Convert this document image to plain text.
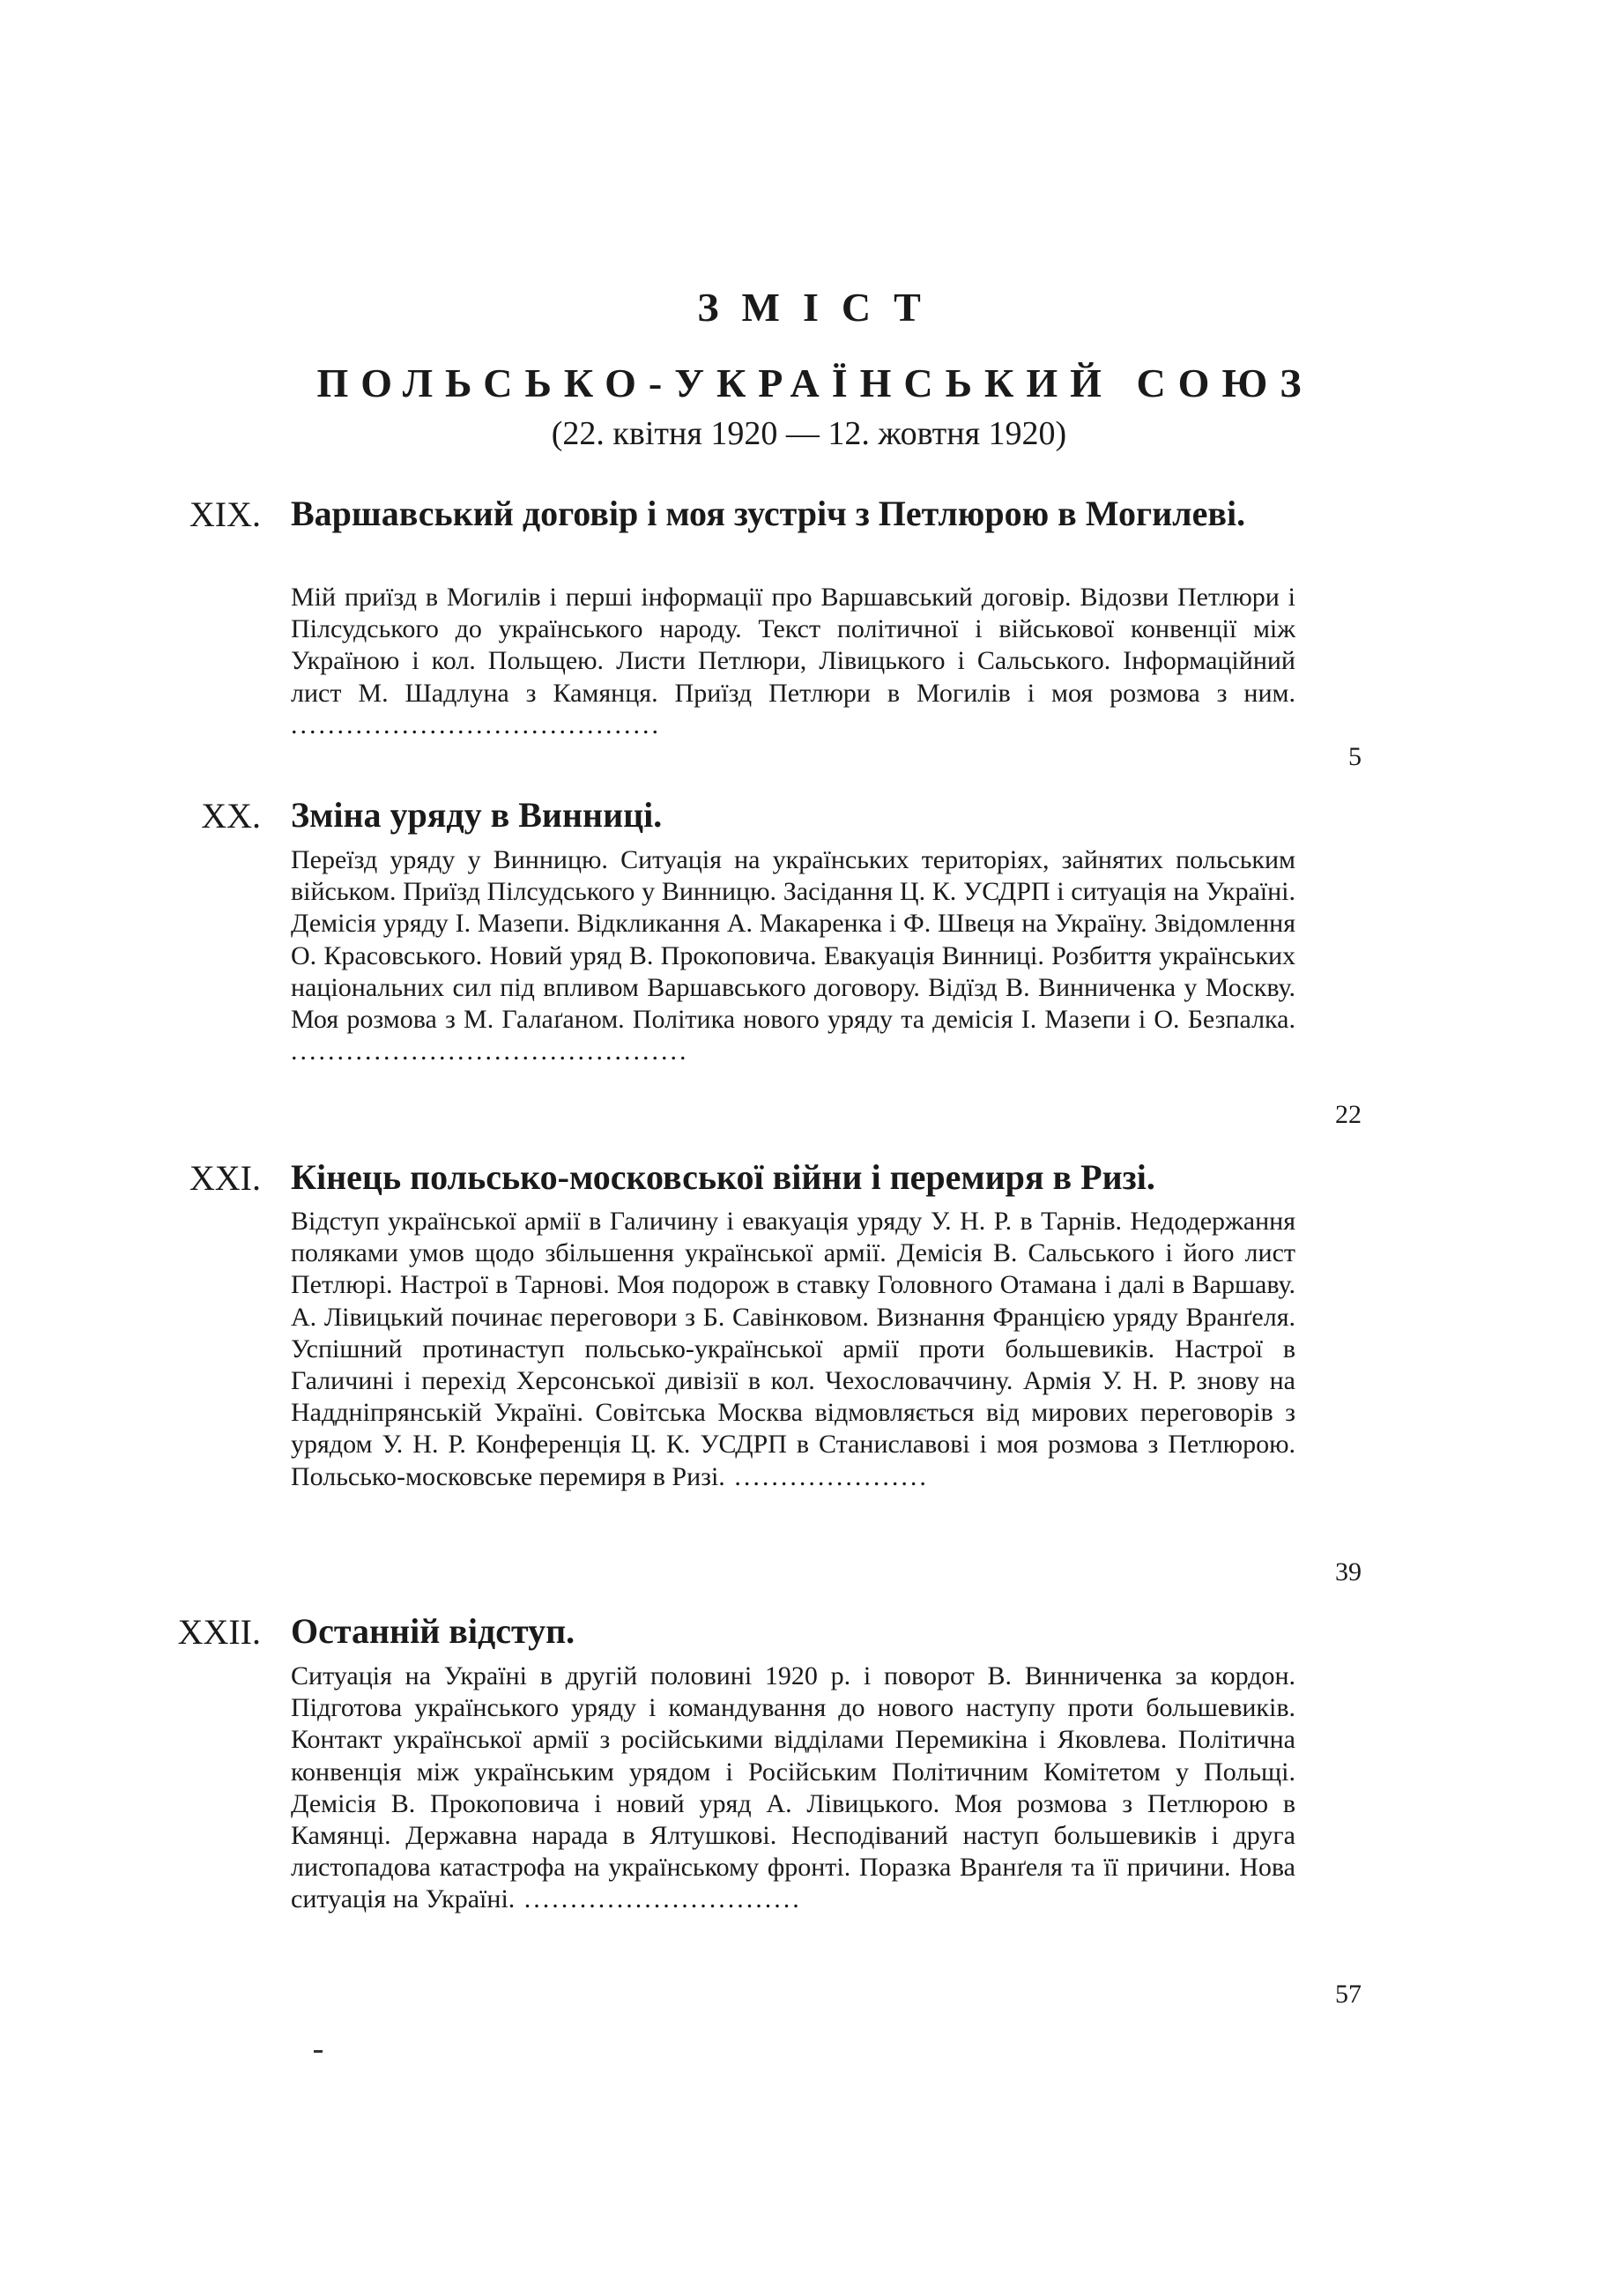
ЗМІСТ
ПОЛЬСЬКО-УКРАЇНСЬКИЙ СОЮЗ
(22. квітня 1920 — 12. жовтня 1920)
XIX. Варшавський договір і моя зустріч з Петлюрою в Могилеві.
Мій приїзд в Могилів і перші інформації про Варшавський договір. Відозви Петлюри і Пілсудського до українського народу. Текст політичної і військової конвенції між Україною і кол. Польщею. Листи Петлюри, Лівицького і Сальського. Інформаційний лист М. Шадлуна з Камянця. Приїзд Петлюри в Могилів і моя розмова з ним. ........................................
5
XX. Зміна уряду в Винниці.
Переїзд уряду у Винницю. Ситуація на українських територіях, зайнятих польським військом. Приїзд Пілсудського у Винницю. Засідання Ц. К. УСДРП і ситуація на Україні. Демісія уряду І. Мазепи. Відкликання А. Макаренка і Ф. Швеця на Україну. Звідомлення О. Красовського. Новий уряд В. Прокоповича. Евакуація Винниці. Розбиття українських національних сил під впливом Варшавського договору. Відїзд В. Винниченка у Москву. Моя розмова з М. Галаґаном. Політика нового уряду та демісія І. Мазепи і О. Безпалка. ...........................................
22
XXI. Кінець польсько-московської війни і перемиря в Ризі.
Відступ української армії в Галичину і евакуація уряду У. Н. Р. в Тарнів. Недодержання поляками умов щодо збільшення української армії. Демісія В. Сальського і його лист Петлюрі. Настрої в Тарнові. Моя подорож в ставку Головного Отамана і далі в Варшаву. А. Лівицький починає переговори з Б. Савінковом. Визнання Францією уряду Вранґеля. Успішний протинаступ польсько-української армії проти большевиків. Настрої в Галичині і перехід Херсонської дивізії в кол. Чехословаччину. Армія У. Н. Р. знову на Наддніпрянській Україні. Совітська Москва відмовляється від мирових переговорів з урядом У. Н. Р. Конференція Ц. К. УСДРП в Станиславові і моя розмова з Петлюрою. Польсько-московське перемиря в Ризі. .....................
39
XXII. Останній відступ.
Ситуація на Україні в другій половині 1920 р. і поворот В. Винниченка за кордон. Підготова українського уряду і командування до нового наступу проти большевиків. Контакт української армії з російськими відділами Перемикіна і Яковлева. Політична конвенція між українським урядом і Російським Політичним Комітетом у Польщі. Демісія В. Прокоповича і новий уряд А. Лівицького. Моя розмова з Петлюрою в Камянці. Державна нарада в Ялтушкові. Несподіваний наступ большевиків і друга листопадова катастрофа на українському фронті. Поразка Вранґеля та її причини. Нова ситуація на Україні. ..............................
57
